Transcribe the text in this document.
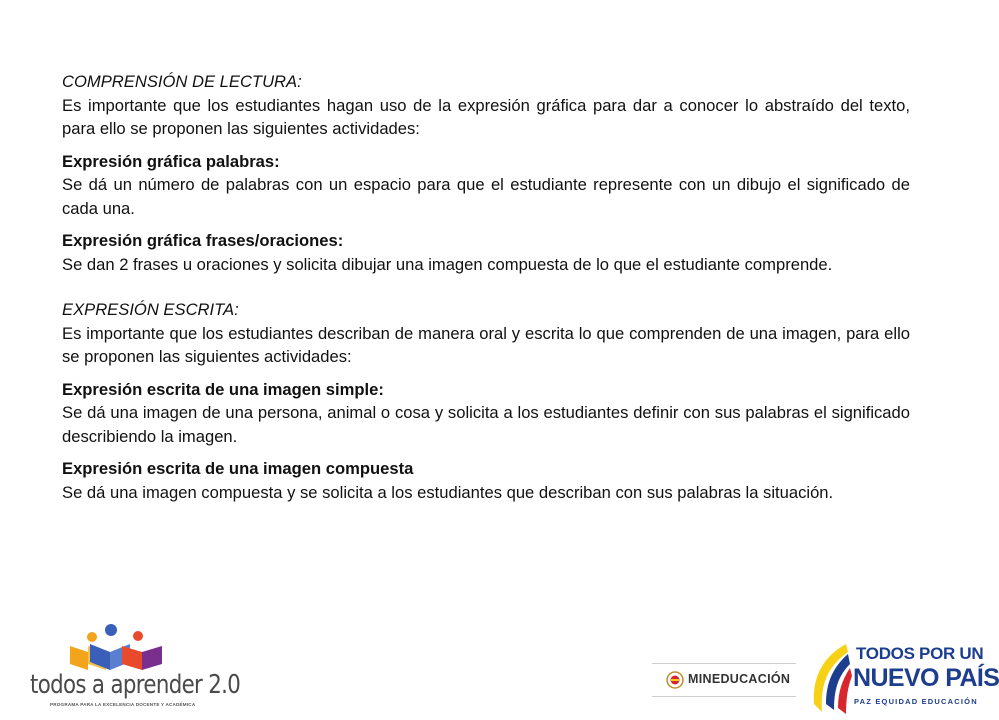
COMPRENSIÓN DE LECTURA:

Es importante que los estudiantes hagan uso de la expresión gráfica para dar a conocer lo abstraído del texto, para ello se proponen las siguientes actividades:

Expresión gráfica palabras:

Se dá un número de palabras con un espacio para que el estudiante represente con un dibujo el significado de cada una.

Expresión gráfica frases/oraciones:

Se dan 2 frases u oraciones y solicita dibujar una imagen compuesta de lo que el estudiante comprende.

EXPRESIÓN ESCRITA:

Es importante que los estudiantes describan de manera oral y escrita lo que comprenden de una imagen, para ello se proponen las siguientes actividades:

Expresión escrita de una imagen simple:

Se dá una imagen de una persona, animal o cosa y solicita a los estudiantes definir con sus palabras el significado describiendo la imagen.

Expresión escrita de una imagen compuesta

Se dá una imagen compuesta y se solicita a los estudiantes que describan con sus palabras la situación.

todos a aprender 2.0
PROGRAMA PARA LA EXCELENCIA DOCENTE Y ACADÉMICA
MINEDUCACIÓN
TODOS POR UN
NUEVO PAÍS
PAZ EQUIDAD EDUCACIÓN
